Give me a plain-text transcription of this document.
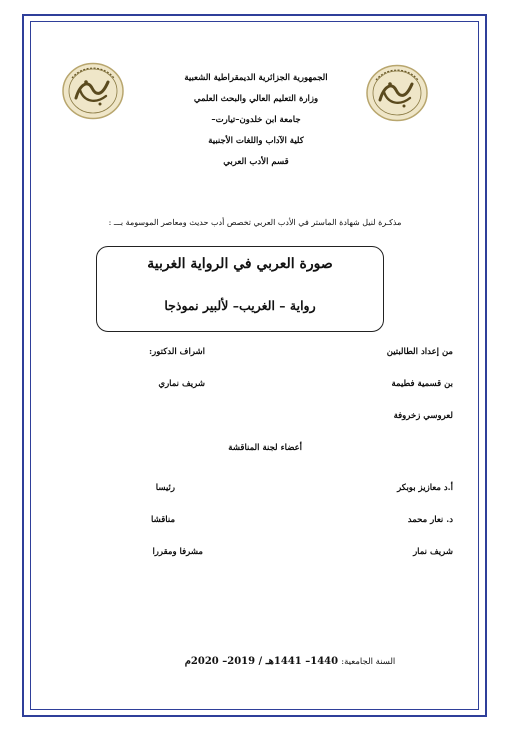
الجمهورية الجزائرية الديمقراطية الشعبية
وزارة التعليم العالي والبحث العلمي
جامعة ابن خلدون–تيارت–
كلية الآداب واللغات الأجنبية
قسم الأدب العربي
مذكـرة لنيل شهادة الماستر في الأدب العربي تخصص أدب حديث ومعاصر الموسومة بـــ :
صورة العربي في الرواية الغربية
رواية – الغريب– لألبير نموذجا
من إعداد الطالبتين
بن قسمية فطيمة
لعروسي زخروفة
اشراف الدكتور:
شريف نماري
أعضاء لجنة المناقشة
أ.د معازيز بوبكر
رئيسا
د. نعار محمد
مناقشا
شريف نمار
مشرفا ومقررا
السنة الجامعية: 1440– 1441هـ / 2019– 2020م
